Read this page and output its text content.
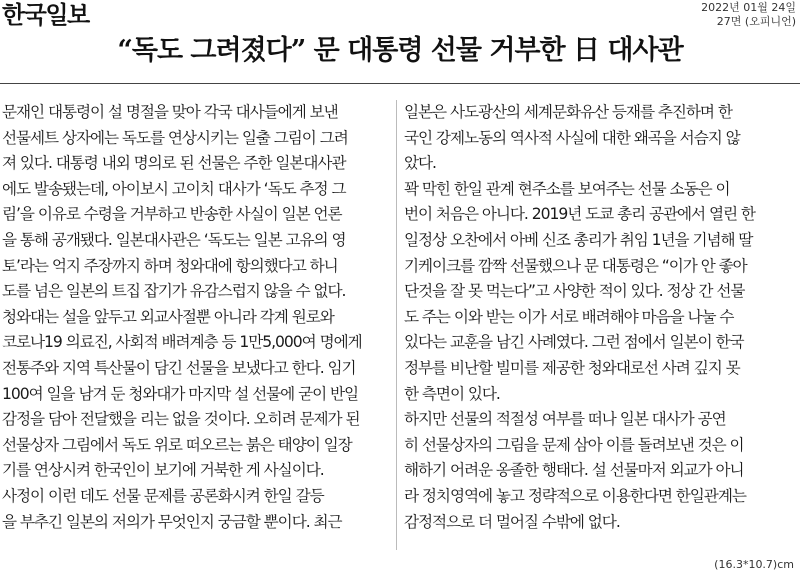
한국일보	2022년 01월 24일
27면 (오피니언)
“독도 그려졌다” 문 대통령 선물 거부한 日 대사관
문재인 대통령이 설 명절을 맞아 각국 대사들에게 보낸
선물세트 상자에는 독도를 연상시키는 일출 그림이 그려
져 있다. 대통령 내외 명의로 된 선물은 주한 일본대사관
에도 발송됐는데, 아이보시 고이치 대사가 ‘독도 추정 그
림’을 이유로 수령을 거부하고 반송한 사실이 일본 언론
을 통해 공개됐다. 일본대사관은 ‘독도는 일본 고유의 영
토’라는 억지 주장까지 하며 청와대에 항의했다고 하니
도를 넘은 일본의 트집 잡기가 유감스럽지 않을 수 없다.
청와대는 설을 앞두고 외교사절뿐 아니라 각계 원로와
코로나19 의료진, 사회적 배려계층 등 1만5,000여 명에게
전통주와 지역 특산물이 담긴 선물을 보냈다고 한다. 임기
100여 일을 남겨 둔 청와대가 마지막 설 선물에 굳이 반일
감정을 담아 전달했을 리는 없을 것이다. 오히려 문제가 된
선물상자 그림에서 독도 위로 떠오르는 붉은 태양이 일장
기를 연상시켜 한국인이 보기에 거북한 게 사실이다.
사정이 이런 데도 선물 문제를 공론화시켜 한일 갈등
을 부추긴 일본의 저의가 무엇인지 궁금할 뿐이다. 최근
일본은 사도광산의 세계문화유산 등재를 추진하며 한
국인 강제노동의 역사적 사실에 대한 왜곡을 서슴지 않
았다.
꽉 막힌 한일 관계 현주소를 보여주는 선물 소동은 이
번이 처음은 아니다. 2019년 도쿄 총리 공관에서 열린 한
일정상 오찬에서 아베 신조 총리가 취임 1년을 기념해 딸
기케이크를 깜짝 선물했으나 문 대통령은 “이가 안 좋아
단것을 잘 못 먹는다”고 사양한 적이 있다. 정상 간 선물
도 주는 이와 받는 이가 서로 배려해야 마음을 나눌 수
있다는 교훈을 남긴 사례였다. 그런 점에서 일본이 한국
정부를 비난할 빌미를 제공한 청와대로선 사려 깊지 못
한 측면이 있다.
하지만 선물의 적절성 여부를 떠나 일본 대사가 공연
히 선물상자의 그림을 문제 삼아 이를 돌려보낸 것은 이
해하기 어려운 옹졸한 행태다. 설 선물마저 외교가 아니
라 정치영역에 놓고 정략적으로 이용한다면 한일관계는
감정적으로 더 멀어질 수밖에 없다.
(16.3*10.7)cm
